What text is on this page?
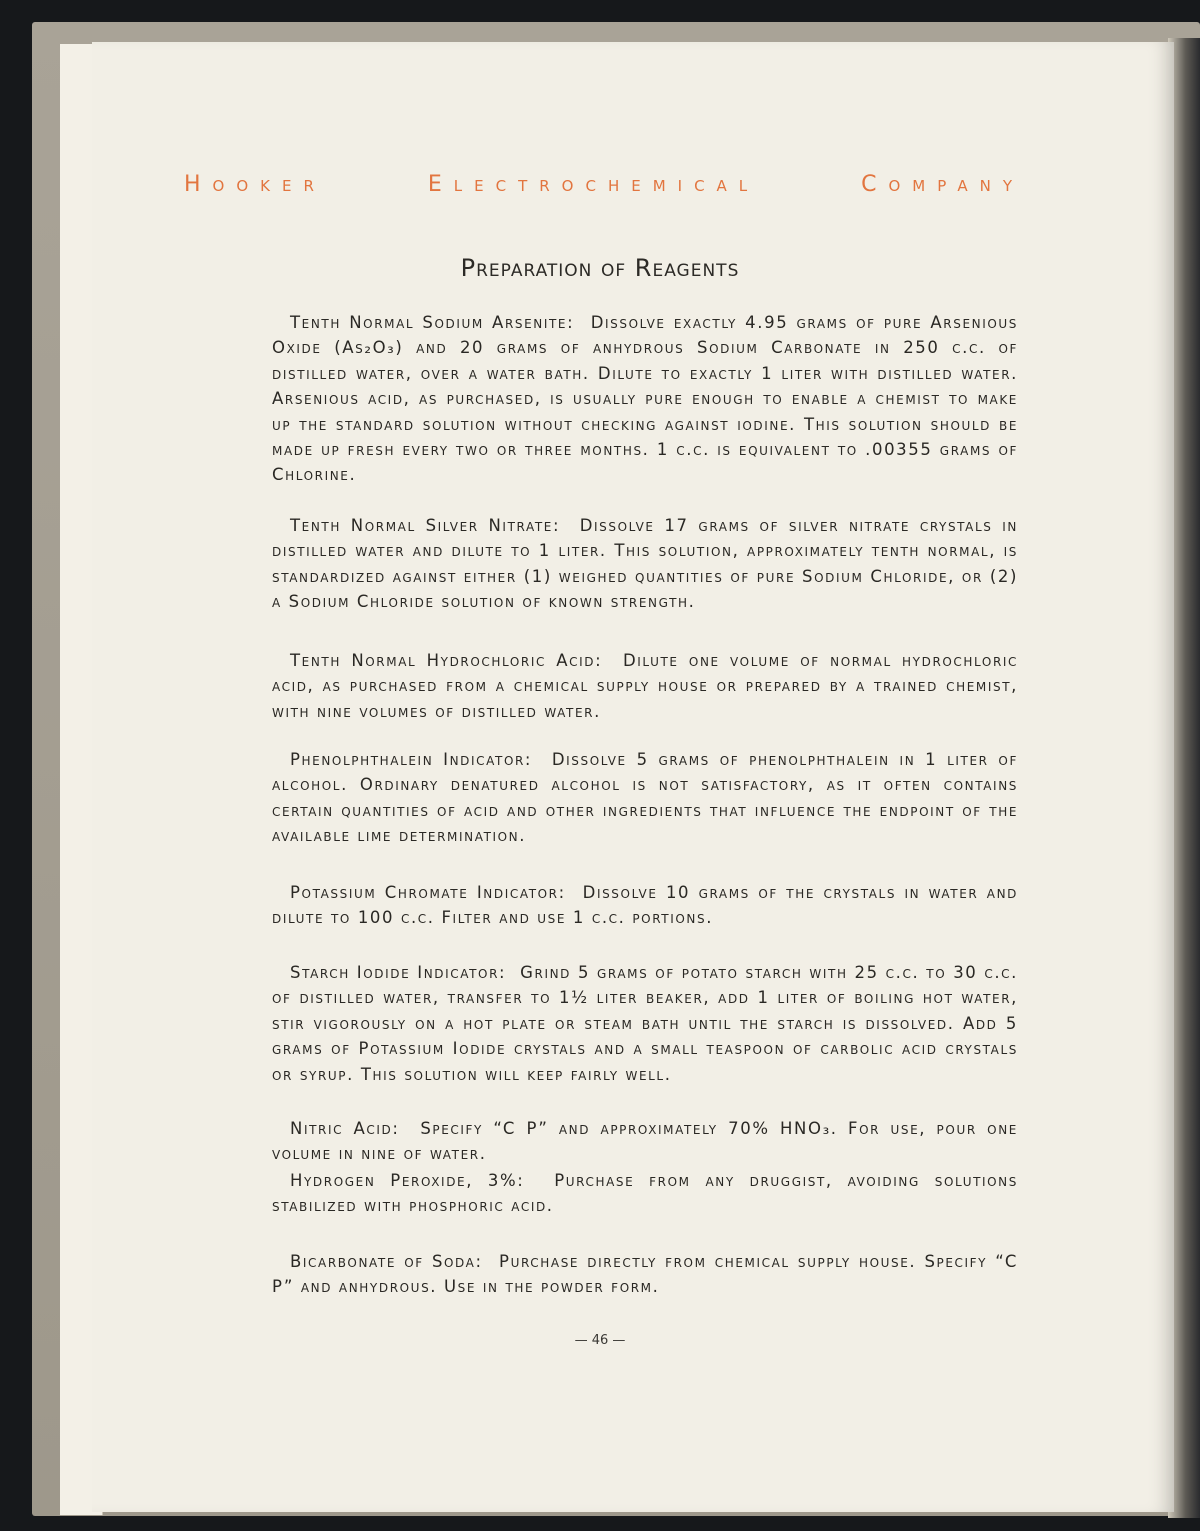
Hooker	Electrochemical	Company
Preparation of Reagents

Tenth Normal Sodium Arsenite: Dissolve exactly 4.95 grams of pure Arsenious Oxide (As₂O₃) and 20 grams of anhydrous Sodium Carbonate in 250 c.c. of distilled water, over a water bath. Dilute to exactly 1 liter with distilled water. Arsenious acid, as purchased, is usually pure enough to enable a chemist to make up the standard solution without checking against iodine. This solution should be made up fresh every two or three months. 1 c.c. is equivalent to .00355 grams of Chlorine.

Tenth Normal Silver Nitrate: Dissolve 17 grams of silver nitrate crystals in distilled water and dilute to 1 liter. This solution, approximately tenth normal, is standardized against either (1) weighed quantities of pure Sodium Chloride, or (2) a Sodium Chloride solution of known strength.

Tenth Normal Hydrochloric Acid: Dilute one volume of normal hydrochloric acid, as purchased from a chemical supply house or prepared by a trained chemist, with nine volumes of distilled water.

Phenolphthalein Indicator: Dissolve 5 grams of phenolphthalein in 1 liter of alcohol. Ordinary denatured alcohol is not satisfactory, as it often contains certain quantities of acid and other ingredients that influence the endpoint of the available lime determination.

Potassium Chromate Indicator: Dissolve 10 grams of the crystals in water and dilute to 100 c.c. Filter and use 1 c.c. portions.

Starch Iodide Indicator: Grind 5 grams of potato starch with 25 c.c. to 30 c.c. of distilled water, transfer to 1½ liter beaker, add 1 liter of boiling hot water, stir vigorously on a hot plate or steam bath until the starch is dissolved. Add 5 grams of Potassium Iodide crystals and a small teaspoon of carbolic acid crystals or syrup. This solution will keep fairly well.

Nitric Acid: Specify “C P” and approximately 70% HNO₃. For use, pour one volume in nine of water.

Hydrogen Peroxide, 3%: Purchase from any druggist, avoiding solutions stabilized with phosphoric acid.

Bicarbonate of Soda: Purchase directly from chemical supply house. Specify “C P” and anhydrous. Use in the powder form.

— 46 —
